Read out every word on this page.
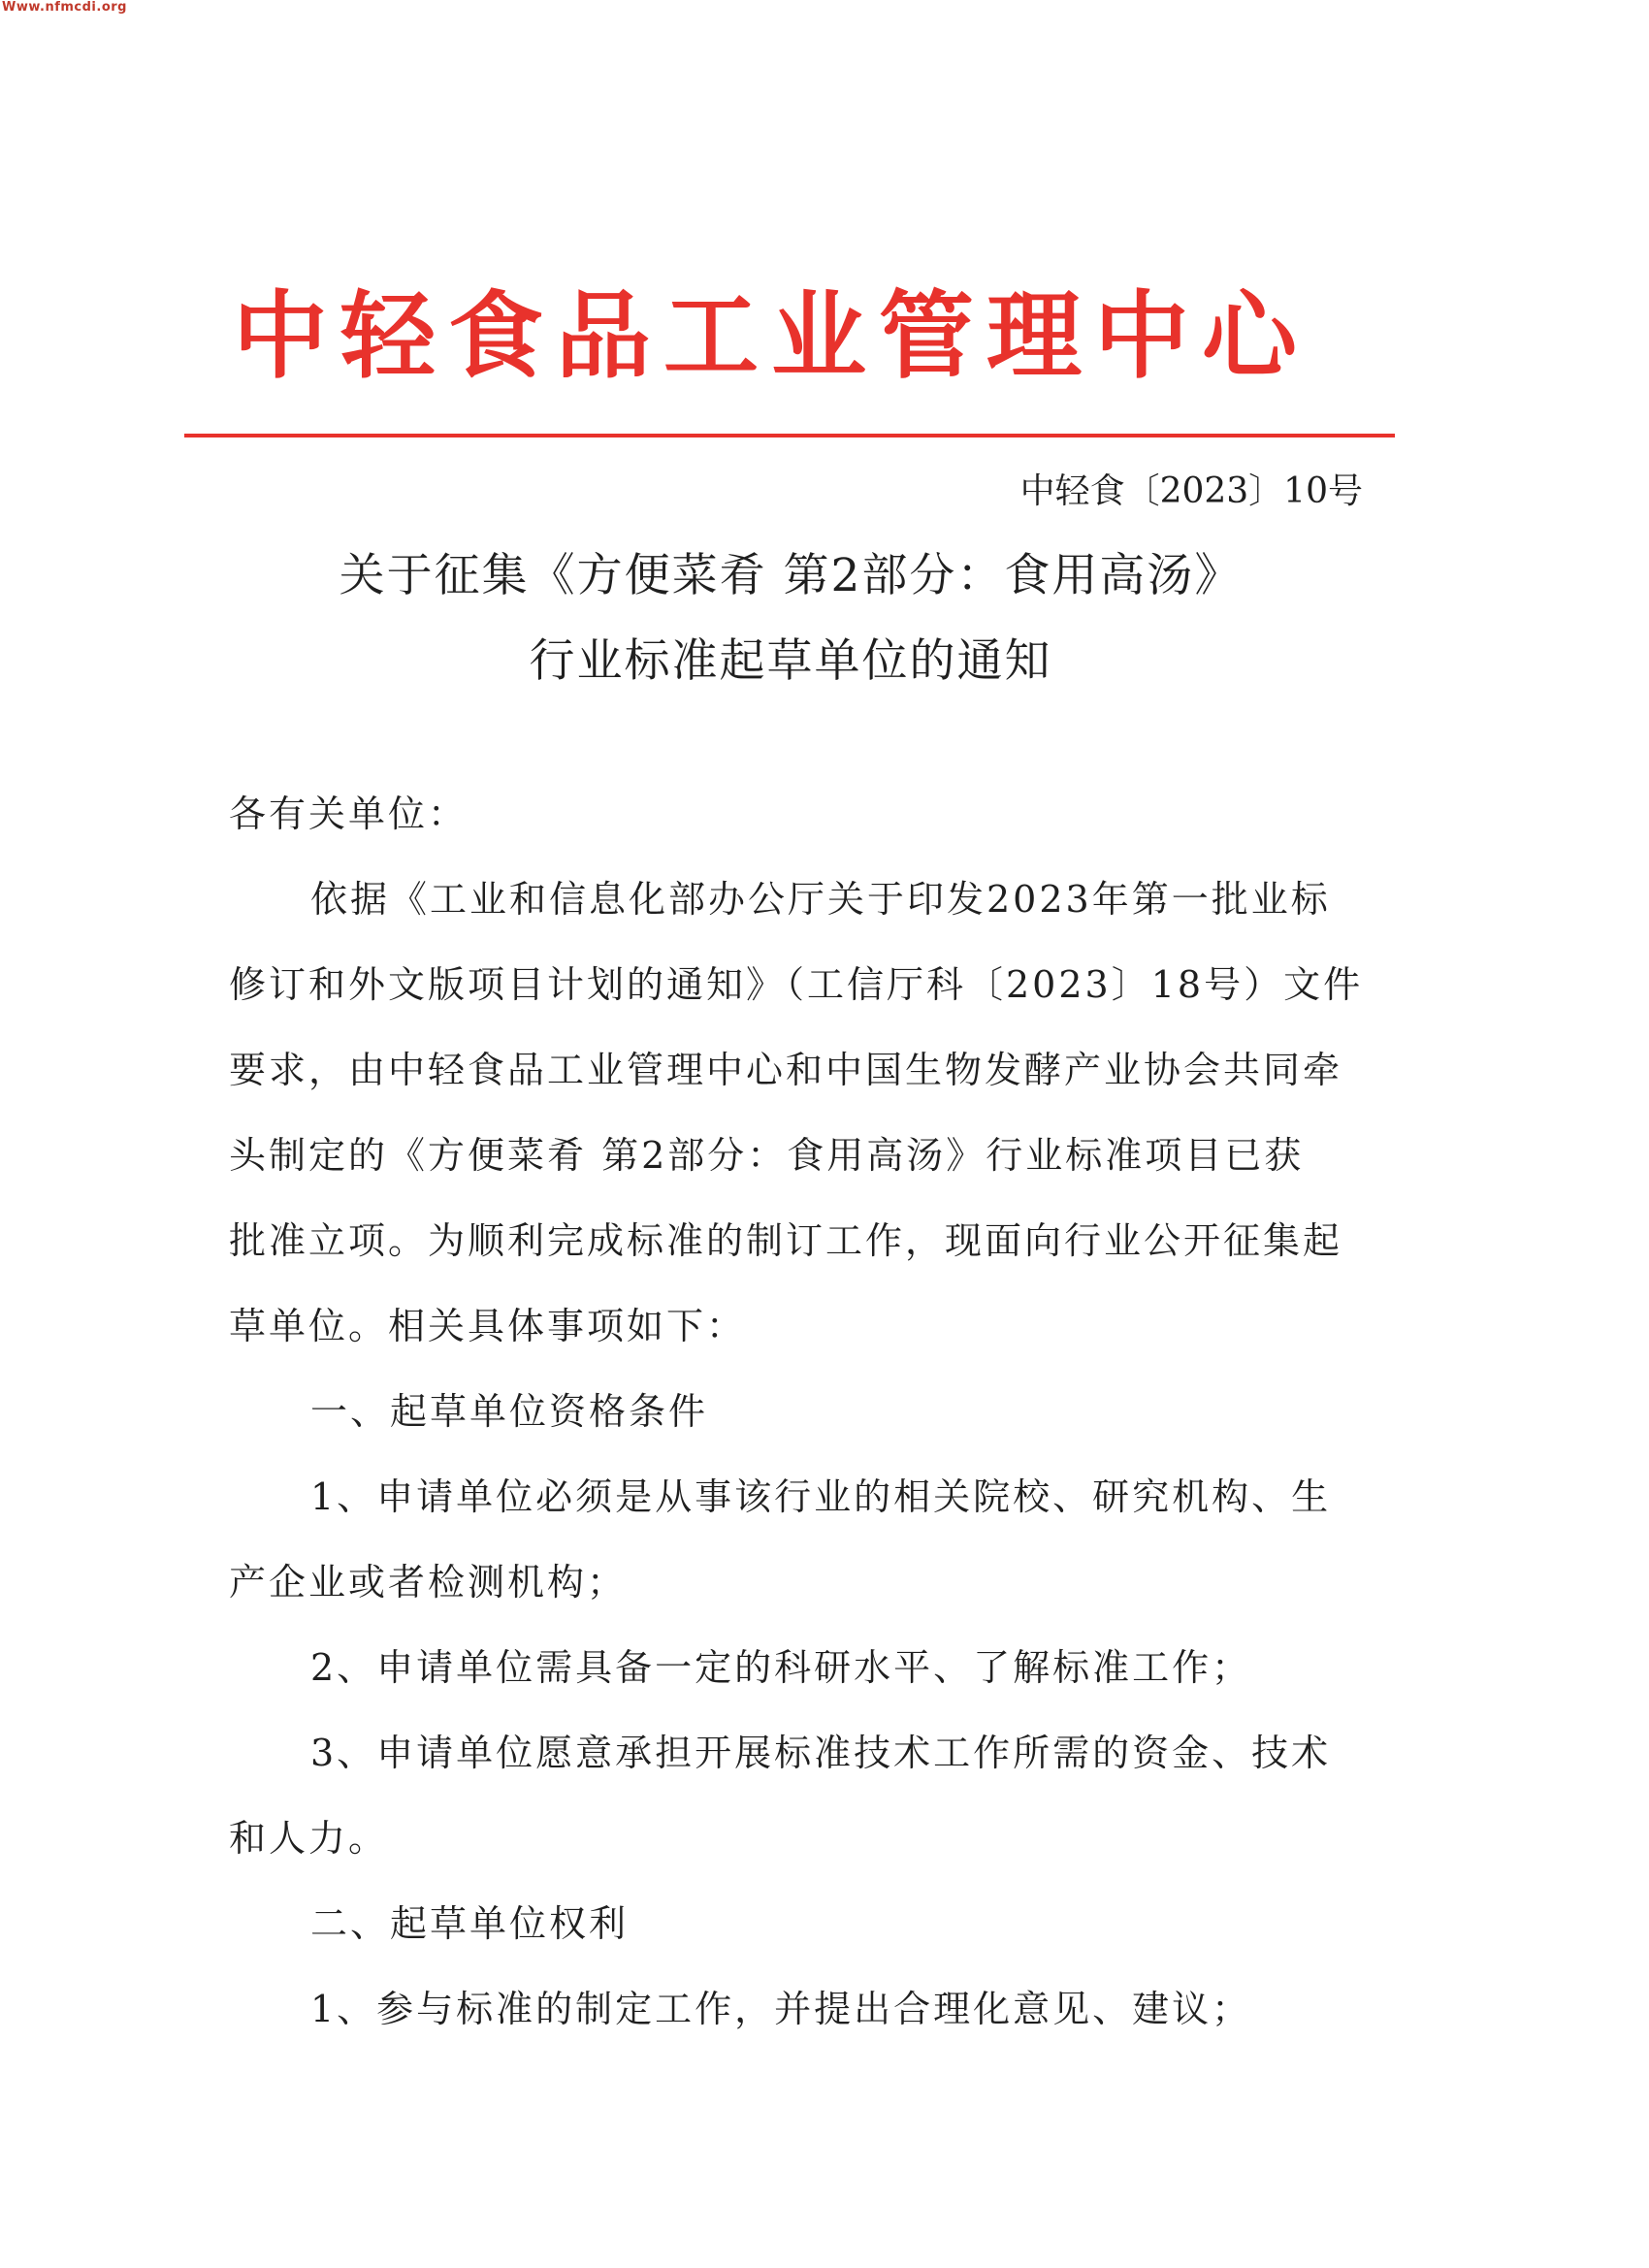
Www.nfmcdi.org
中轻食品工业管理中心
中轻食〔2023〕10号
关于征集《方便菜肴 第2部分：食用高汤》
行业标准起草单位的通知
各有关单位：
依据《工业和信息化部办公厅关于印发2023年第一批业标
修订和外文版项目计划的通知》（工信厅科〔2023〕18号）文件
要求，由中轻食品工业管理中心和中国生物发酵产业协会共同牵
头制定的《方便菜肴 第2部分：食用高汤》行业标准项目已获
批准立项。为顺利完成标准的制订工作，现面向行业公开征集起
草单位。相关具体事项如下：
一、起草单位资格条件
1、申请单位必须是从事该行业的相关院校、研究机构、生
产企业或者检测机构；
2、申请单位需具备一定的科研水平、了解标准工作；
3、申请单位愿意承担开展标准技术工作所需的资金、技术
和人力。
二、起草单位权利
1、参与标准的制定工作，并提出合理化意见、建议；
